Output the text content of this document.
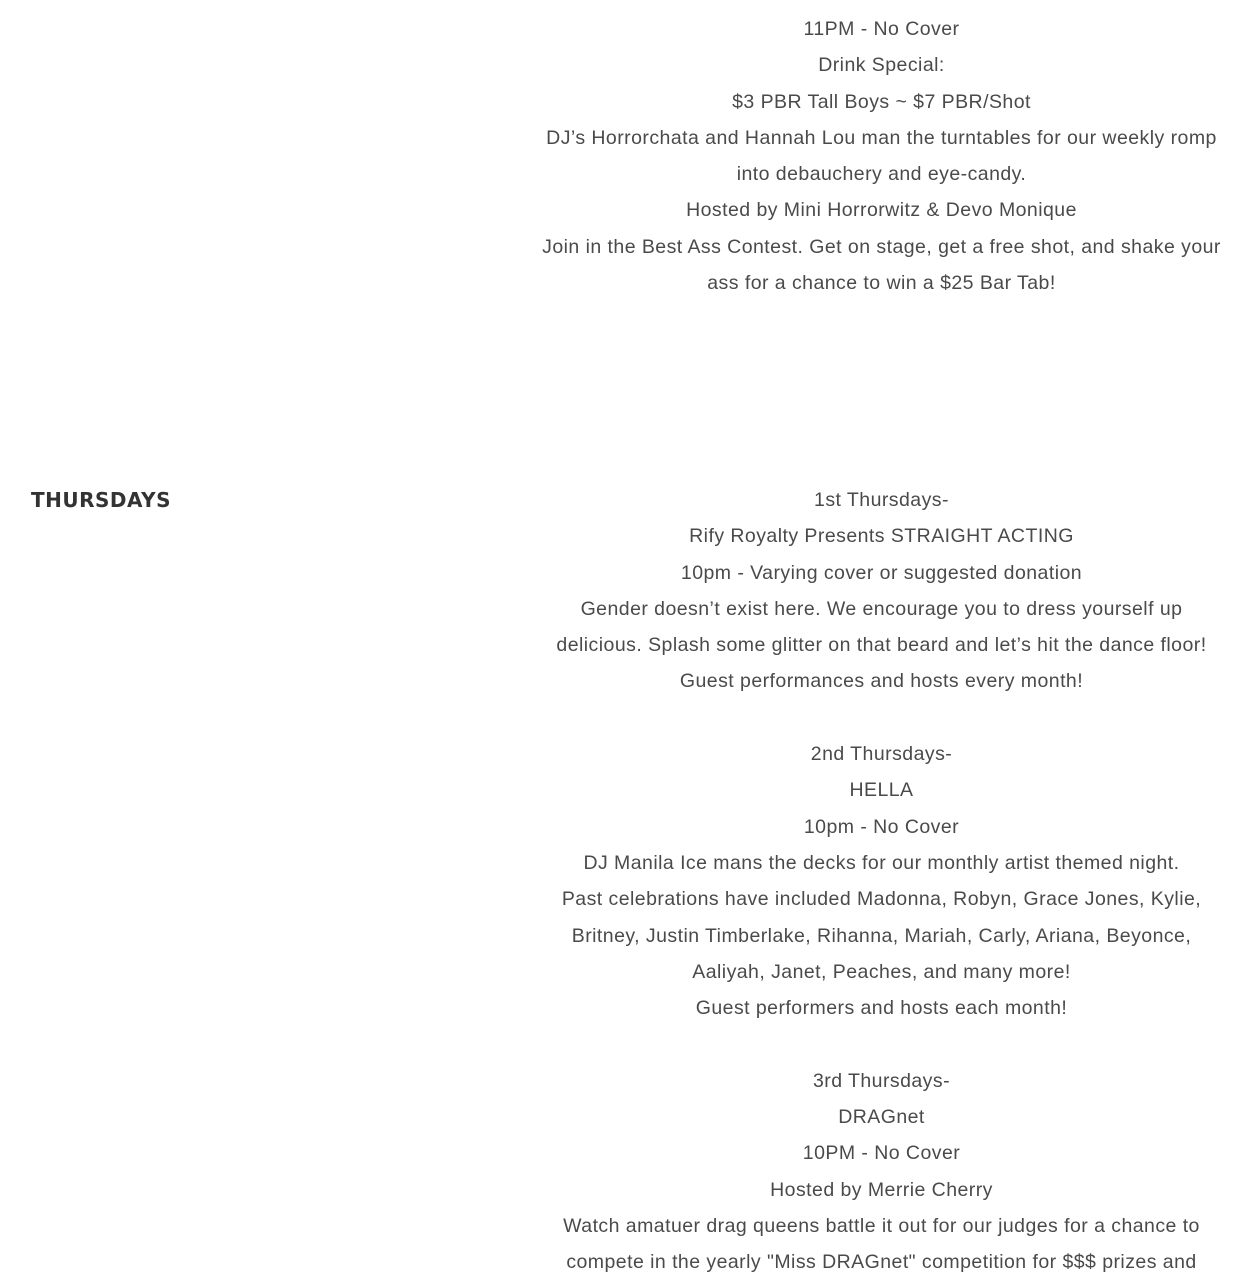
11PM - No Cover
Drink Special:
$3 PBR Tall Boys ~ $7 PBR/Shot
DJ’s Horrorchata and Hannah Lou man the turntables for our weekly romp
into debauchery and eye-candy.
Hosted by Mini Horrorwitz & Devo Monique
Join in the Best Ass Contest. Get on stage, get a free shot, and shake your
ass for a chance to win a $25 Bar Tab!
THURSDAYS	1st Thursdays-
Rify Royalty Presents STRAIGHT ACTING
10pm - Varying cover or suggested donation
Gender doesn’t exist here. We encourage you to dress yourself up
delicious. Splash some glitter on that beard and let’s hit the dance floor!
Guest performances and hosts every month!
2nd Thursdays-
HELLA
10pm - No Cover
DJ Manila Ice mans the decks for our monthly artist themed night.
Past celebrations have included Madonna, Robyn, Grace Jones, Kylie,
Britney, Justin Timberlake, Rihanna, Mariah, Carly, Ariana, Beyonce,
Aaliyah, Janet, Peaches, and many more!
Guest performers and hosts each month!
3rd Thursdays-
DRAGnet
10PM - No Cover
Hosted by Merrie Cherry
Watch amatuer drag queens battle it out for our judges for a chance to
compete in the yearly "Miss DRAGnet" competition for $$$ prizes and
